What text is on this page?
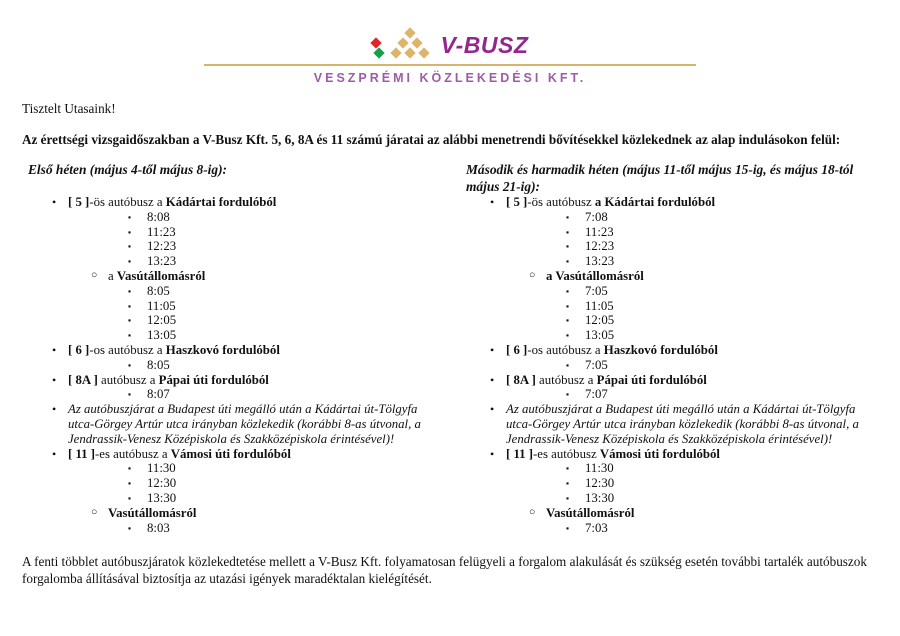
V-BUSZ
VESZPRÉMI KÖZLEKEDÉSI KFT.
Tisztelt Utasaink!
Az érettségi vizsgaidőszakban a V-Busz Kft. 5, 6, 8A és 11 számú járatai az alábbi menetrendi bővítésekkel közlekednek az alap indulásokon felül:
Első héten (május 4-től május 8-ig):
• [ 5 ]-ös autóbusz a Kádártai fordulóból
▪	8:08
▪	11:23
▪	12:23
▪	13:23
○ a Vasútállomásról
▪	8:05
▪	11:05
▪	12:05
▪	13:05
• [ 6 ]-os autóbusz a Haszkovó fordulóból
▪	8:05
• [ 8A ] autóbusz a Pápai úti fordulóból
▪	8:07
• Az autóbuszjárat a Budapest úti megálló után a Kádártai út-Tölgyfa utca-Görgey Artúr utca irányban közlekedik (korábbi 8-as útvonal, a Jendrassik-Venesz Középiskola és Szakközépiskola érintésével)!
• [ 11 ]-es autóbusz a Vámosi úti fordulóból
▪	11:30
▪	12:30
▪	13:30
○ Vasútállomásról
▪	8:03
Második és harmadik héten (május 11-től május 15-ig, és május 18-tól május 21-ig):
• [ 5 ]-ös autóbusz a Kádártai fordulóból
▪	7:08
▪	11:23
▪	12:23
▪	13:23
○ a Vasútállomásról
▪	7:05
▪	11:05
▪	12:05
▪	13:05
• [ 6 ]-os autóbusz a Haszkovó fordulóból
▪	7:05
• [ 8A ] autóbusz a Pápai úti fordulóból
▪	7:07
• Az autóbuszjárat a Budapest úti megálló után a Kádártai út-Tölgyfa utca-Görgey Artúr utca irányban közlekedik (korábbi 8-as útvonal, a Jendrassik-Venesz Középiskola és Szakközépiskola érintésével)!
• [ 11 ]-es autóbusz Vámosi úti fordulóból
▪	11:30
▪	12:30
▪	13:30
○ Vasútállomásról
▪	7:03
A fenti többlet autóbuszjáratok közlekedtetése mellett a V-Busz Kft. folyamatosan felügyeli a forgalom alakulását és szükség esetén további tartalék autóbuszok forgalomba állításával biztosítja az utazási igények maradéktalan kielégítését.
